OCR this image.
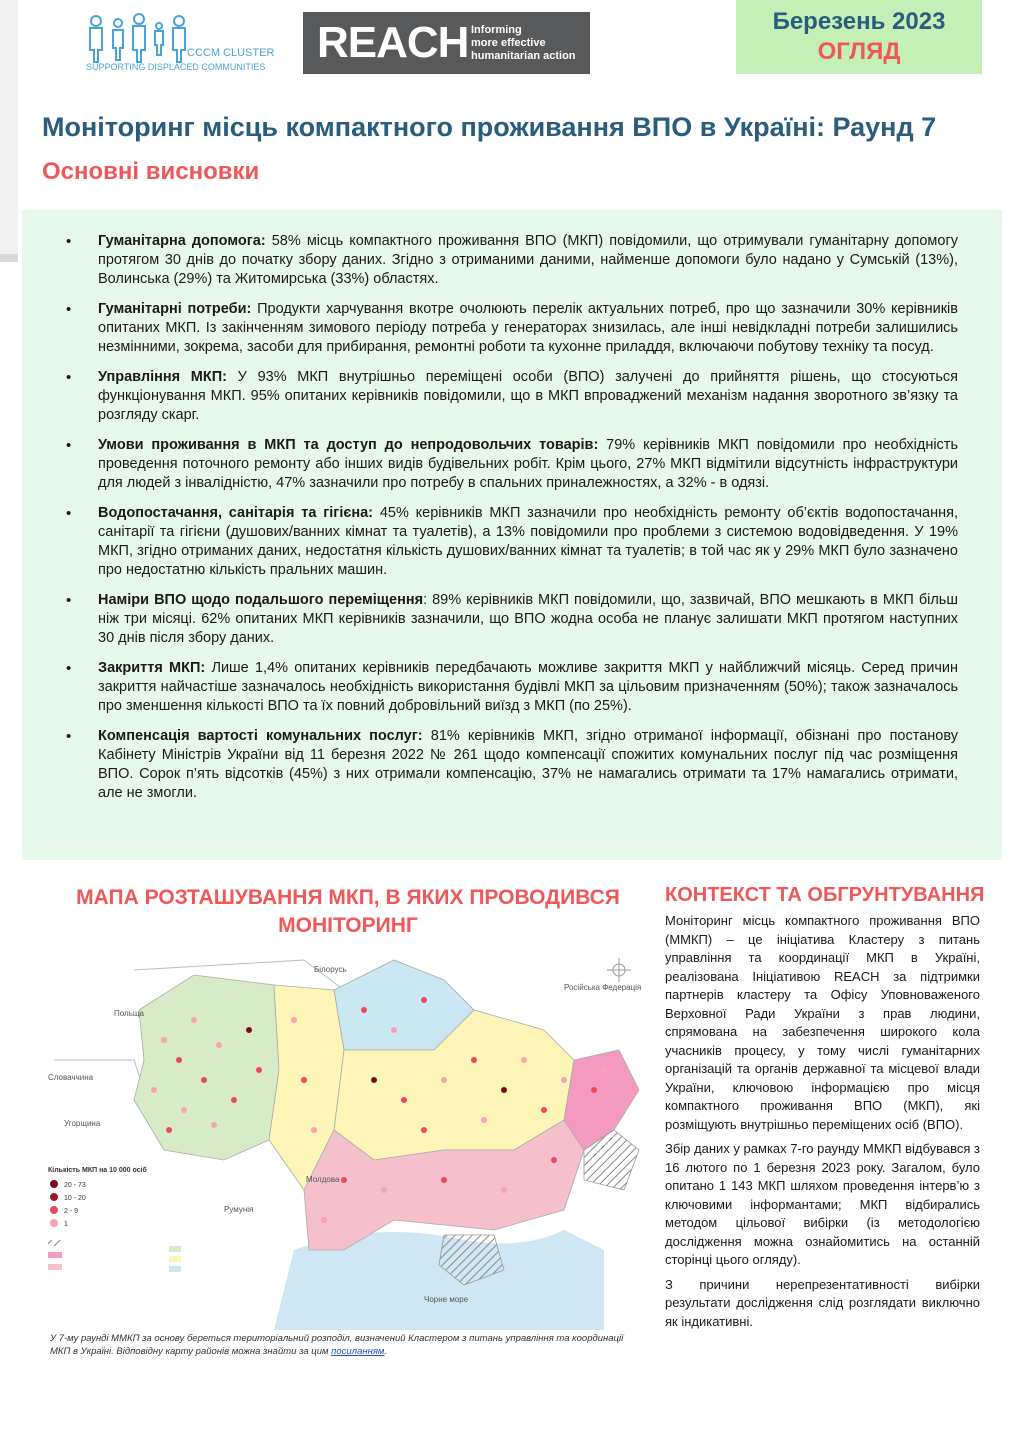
CCCM CLUSTER
SUPPORTING DISPLACED COMMUNITIES REACH Informing
more effective
humanitarian action
Березень 2023
ОГЛЯД
Моніторинг місць компактного проживання ВПО в Україні: Раунд 7
Основні висновки
• Гуманітарна допомога: 58% місць компактного проживання ВПО (МКП) повідомили, що отримували гуманітарну допомогу протягом 30 днів до початку збору даних. Згідно з отриманими даними, найменше допомоги було надано у Сумській (13%), Волинська (29%) та Житомирська (33%) областях.
• Гуманітарні потреби: Продукти харчування вкотре очолюють перелік актуальних потреб, про що зазначили 30% керівників опитаних МКП. Із закінченням зимового періоду потреба у генераторах знизилась, але інші невідкладні потреби залишились незмінними, зокрема, засоби для прибирання, ремонтні роботи та кухонне приладдя, включаючи побутову техніку та посуд.
• Управління МКП: У 93% МКП внутрішньо переміщені особи (ВПО) залучені до прийняття рішень, що стосуються функціонування МКП. 95% опитаних керівників повідомили, що в МКП впроваджений механізм надання зворотного зв’язку та розгляду скарг.
• Умови проживання в МКП та доступ до непродовольчих товарів: 79% керівників МКП повідомили про необхідність проведення поточного ремонту або інших видів будівельних робіт. Крім цього, 27% МКП відмітили відсутність інфраструктури для людей з інвалідністю, 47% зазначили про потребу в спальних приналежностях, а 32% - в одязі.
• Водопостачання, санітарія та гігієна: 45% керівників МКП зазначили про необхідність ремонту об’єктів водопостачання, санітарії та гігієни (душових/ванних кімнат та туалетів), а 13% повідомили про проблеми з системою водовідведення. У 19% МКП, згідно отриманих даних, недостатня кількість душових/ванних кімнат та туалетів; в той час як у 29% МКП було зазначено про недостатню кількість пральних машин.
• Наміри ВПО щодо подальшого переміщення: 89% керівників МКП повідомили, що, зазвичай, ВПО мешкають в МКП більш ніж три місяці. 62% опитаних МКП керівників зазначили, що ВПО жодна особа не планує залишати МКП протягом наступних 30 днів після збору даних.
• Закриття МКП: Лише 1,4% опитаних керівників передбачають можливе закриття МКП у найближчий місяць. Серед причин закриття найчастіше зазначалось необхідність використання будівлі МКП за цільовим призначенням (50%); також зазначалось про зменшення кількості ВПО та їх повний добровільний виїзд з МКП (по 25%).
• Компенсація вартості комунальних послуг: 81% керівників МКП, згідно отриманої інформації, обізнані про постанову Кабінету Міністрів України від 11 березня 2022 № 261 щодо компенсації спожитих комунальних послуг під час розміщення ВПО. Сорок п’ять відсотків (45%) з них отримали компенсацію, 37% не намагались отримати та 17% намагались отримати, але не змогли.
МАПА РОЗТАШУВАННЯ МКП, В ЯКИХ ПРОВОДИВСЯ МОНІТОРИНГ
Білорусь
Польща
Словаччина
Угорщина
Румунія
Молдова
Російська Федерація
Чорне море
Кількість МКП на 10 000 осіб
20 - 73
10 - 20
2 - 9
1
У 7-му раунді ММКП за основу береться територіальний розподіл, визначений Кластером з питань управління та координації МКП в Україні. Відповідну карту районів можна знайти за цим посиланням.
КОНТЕКСТ ТА ОБГРУНТУВАННЯ

Моніторинг місць компактного проживання ВПО (ММКП) – це ініціатива Кластеру з питань управління та координації МКП в Україні, реалізована Ініціативою REACH за підтримки партнерів кластеру та Офісу Уповноваженого Верховної Ради України з прав людини, спрямована на забезпечення широкого кола учасників процесу, у тому числі гуманітарних організацій та органів державної та місцевої влади України, ключовою інформацією про місця компактного проживання ВПО (МКП), які розміщують внутрішньо переміщених осіб (ВПО).

Збір даних у рамках 7-го раунду ММКП відбувався з 16 лютого по 1 березня 2023 року. Загалом, було опитано 1 143 МКП шляхом проведення інтерв’ю з ключовими інформантами; МКП відбирались методом цільової вибірки (із методологією дослідження можна ознайомитись на останній сторінці цього огляду).

З причини нерепрезентативності вибірки результати дослідження слід розглядати виключно як індикативні.
